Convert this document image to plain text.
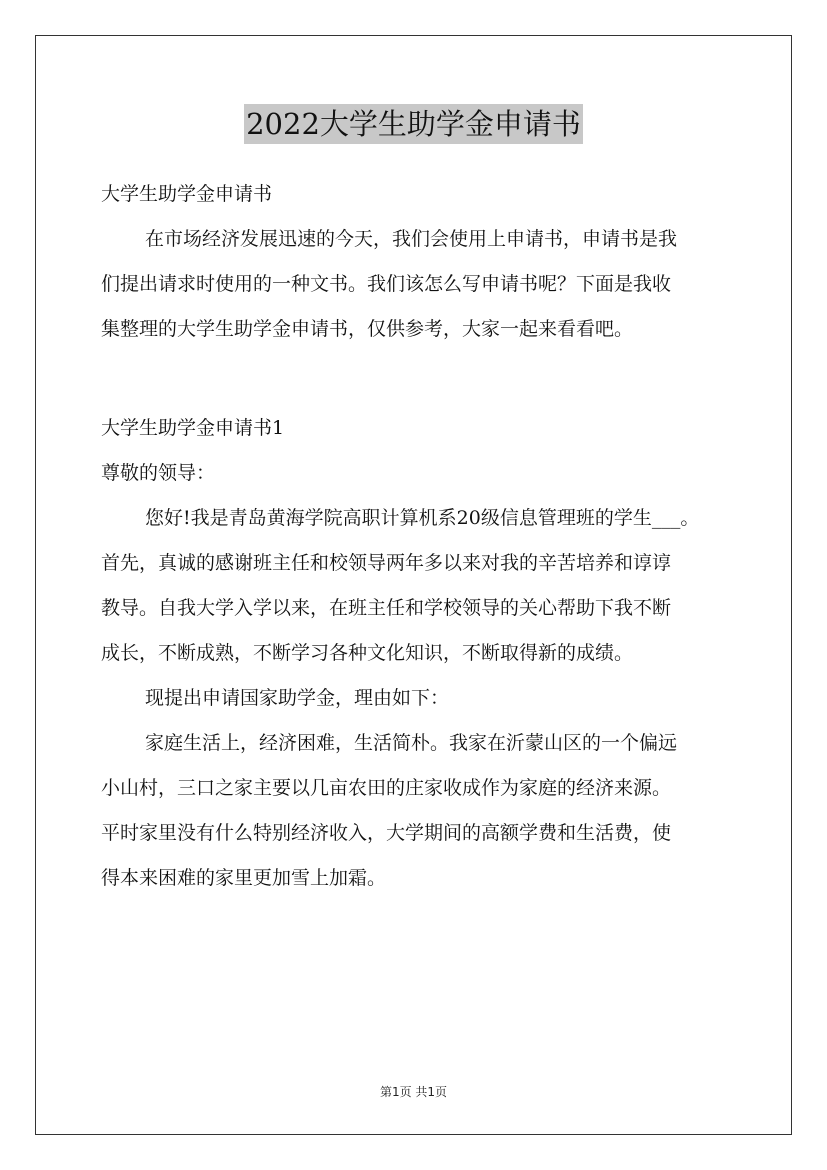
2022大学生助学金申请书
大学生助学金申请书
在市场经济发展迅速的今天，我们会使用上申请书，申请书是我
们提出请求时使用的一种文书。我们该怎么写申请书呢？下面是我收
集整理的大学生助学金申请书，仅供参考，大家一起来看看吧。
大学生助学金申请书1
尊敬的领导：
您好!我是青岛黄海学院高职计算机系20级信息管理班的学生___。
首先，真诚的感谢班主任和校领导两年多以来对我的辛苦培养和谆谆
教导。自我大学入学以来，在班主任和学校领导的关心帮助下我不断
成长，不断成熟，不断学习各种文化知识，不断取得新的成绩。
现提出申请国家助学金，理由如下：
家庭生活上，经济困难，生活简朴。我家在沂蒙山区的一个偏远
小山村，三口之家主要以几亩农田的庄家收成作为家庭的经济来源。
平时家里没有什么特别经济收入，大学期间的高额学费和生活费，使
得本来困难的家里更加雪上加霜。
第1页 共1页
